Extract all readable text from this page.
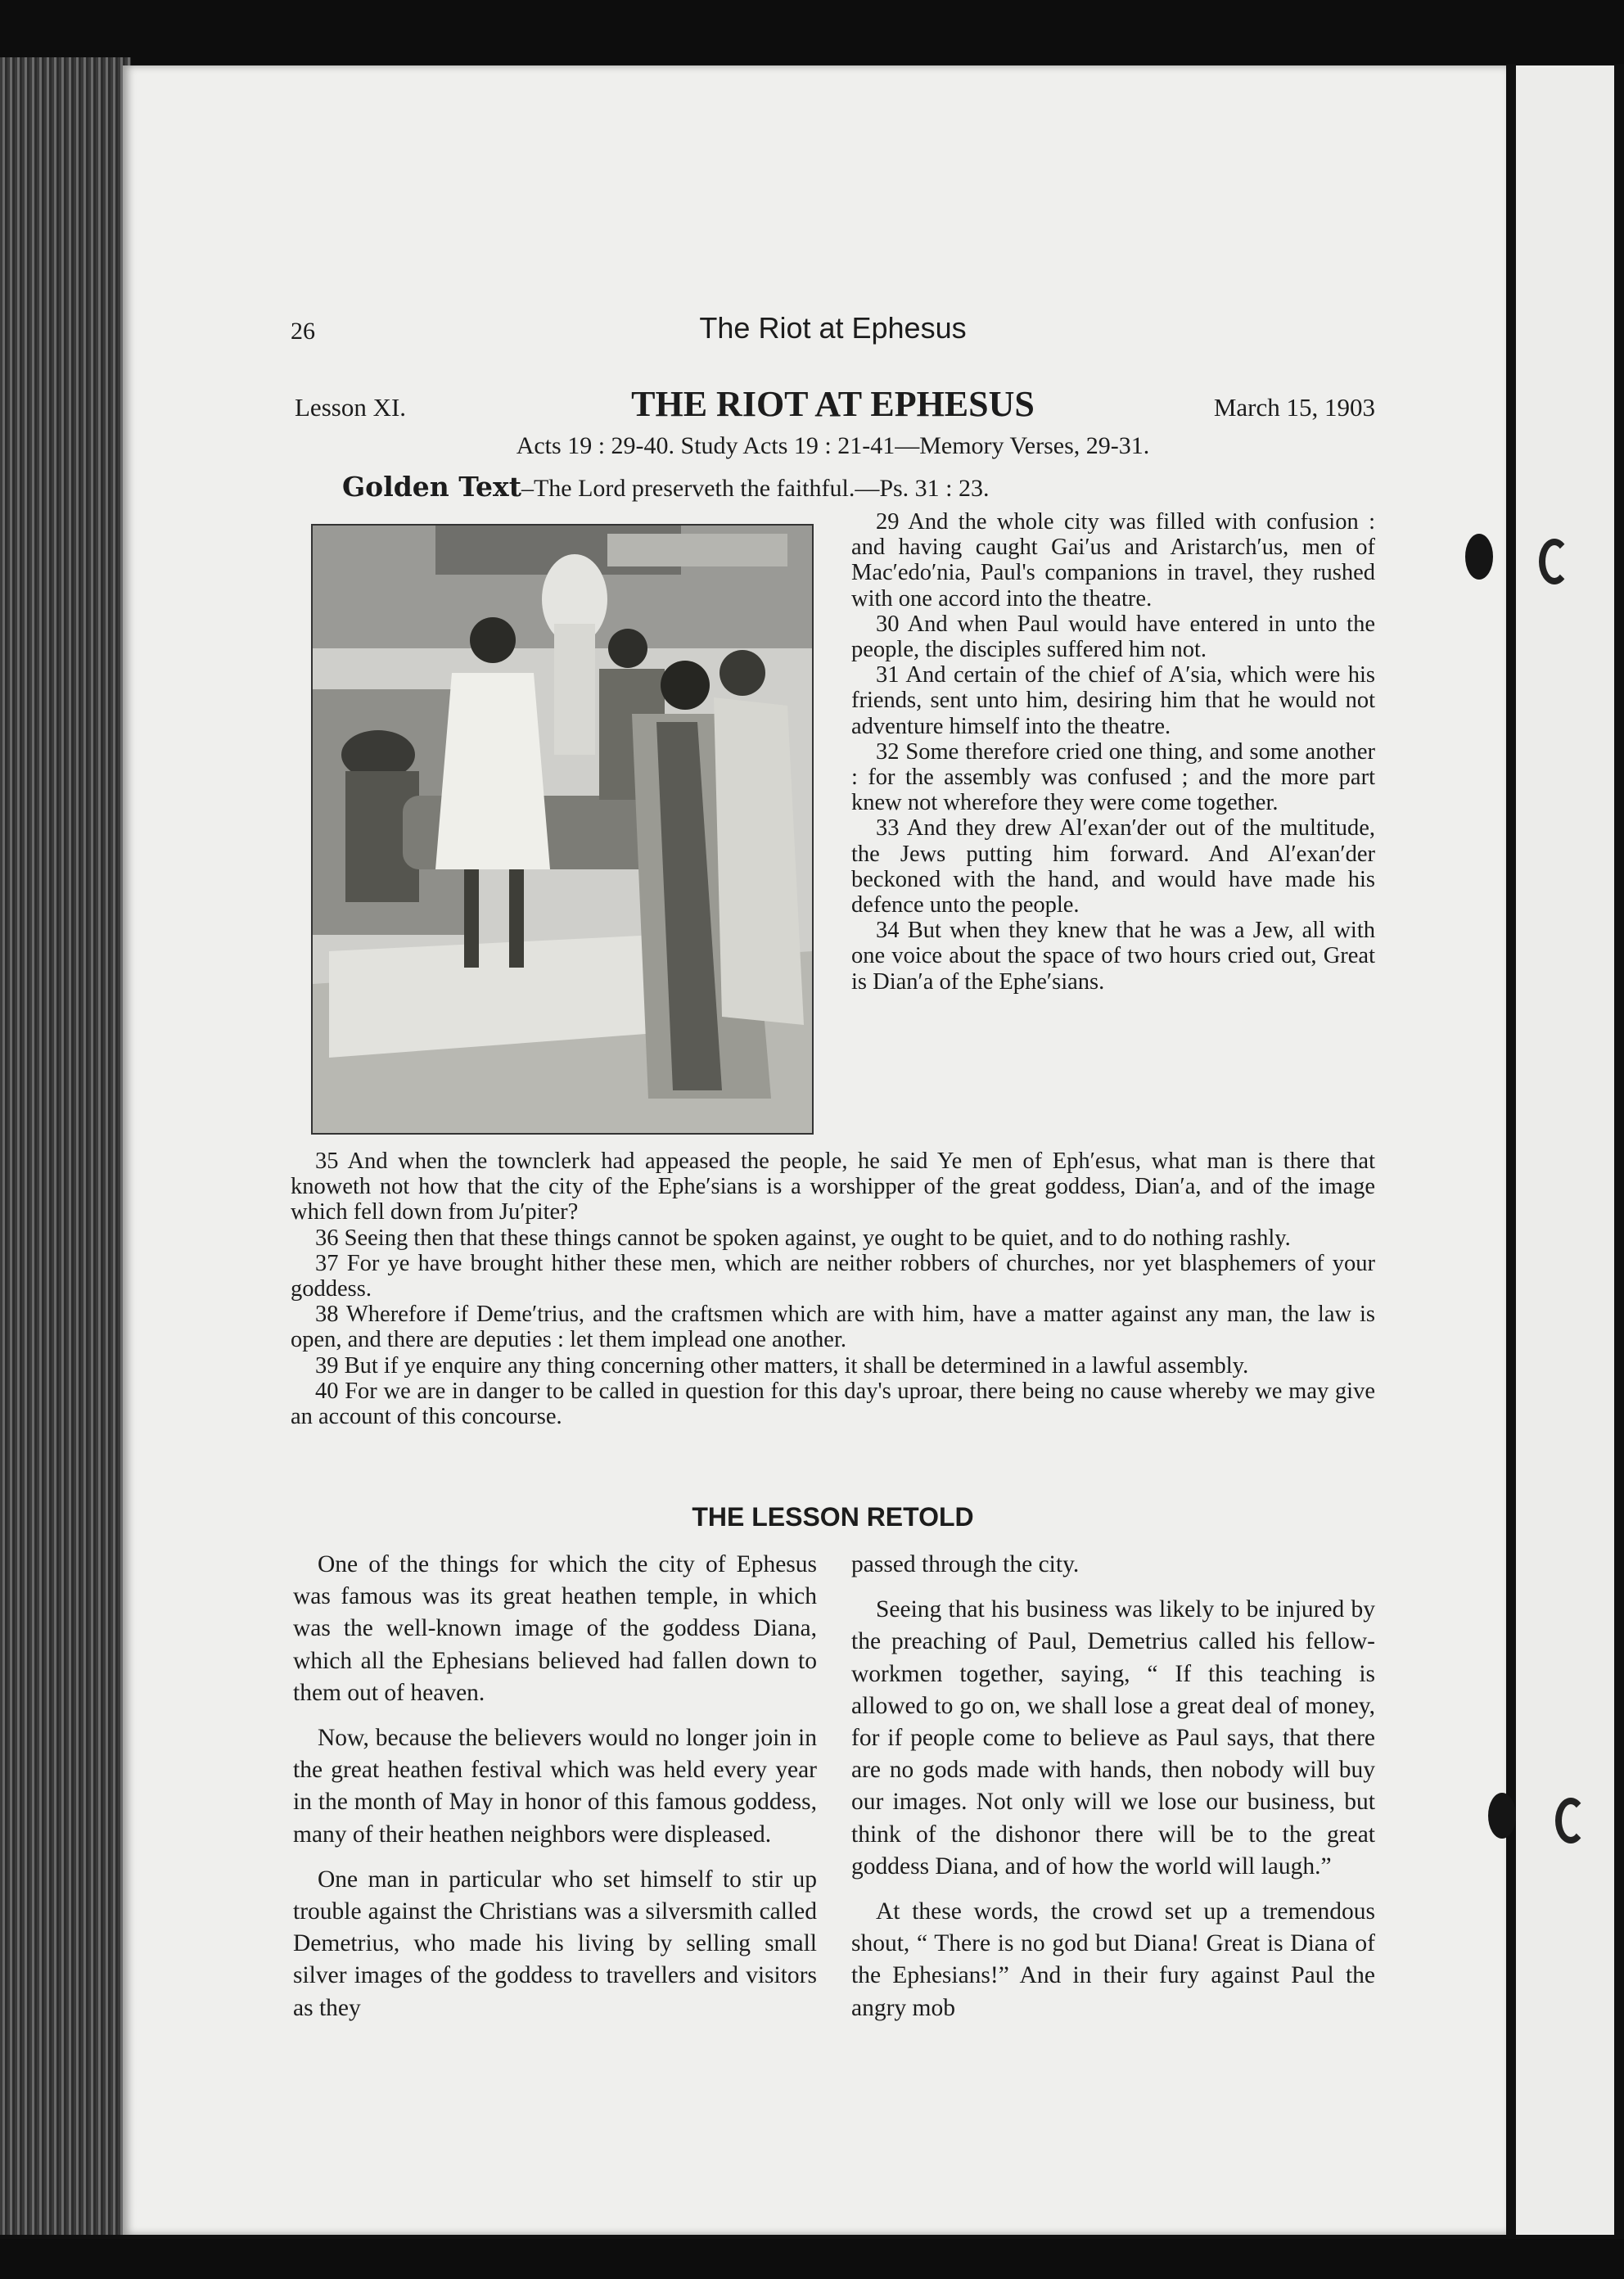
26	The Riot at Ephesus
Lesson XI.	THE RIOT AT EPHESUS	March 15, 1903
Acts 19 : 29-40. Study Acts 19 : 21-41—Memory Verses, 29-31.
Golden Text–The Lord preserveth the faithful.—Ps. 31 : 23.

29 And the whole city was filled with confusion : and having caught Gai′us and Aristarch′us, men of Mac′edo′nia, Paul's companions in travel, they rushed with one accord into the theatre.

30 And when Paul would have entered in unto the people, the disciples suffered him not.

31 And certain of the chief of A′sia, which were his friends, sent unto him, desiring him that he would not adventure himself into the theatre.

32 Some therefore cried one thing, and some another : for the assembly was confused ; and the more part knew not wherefore they were come together.

33 And they drew Al′exan′der out of the multitude, the Jews putting him forward. And Al′exan′der beckoned with the hand, and would have made his defence unto the people.

34 But when they knew that he was a Jew, all with one voice about the space of two hours cried out, Great is Dian′a of the Ephe′sians.

35 And when the townclerk had appeased the people, he said Ye men of Eph′esus, what man is there that knoweth not how that the city of the Ephe′sians is a worshipper of the great goddess, Dian′a, and of the image which fell down from Ju′piter?

36 Seeing then that these things cannot be spoken against, ye ought to be quiet, and to do nothing rashly.

37 For ye have brought hither these men, which are neither robbers of churches, nor yet blasphemers of your goddess.

38 Wherefore if Deme′trius, and the craftsmen which are with him, have a matter against any man, the law is open, and there are deputies : let them implead one another.

39 But if ye enquire any thing concerning other matters, it shall be determined in a lawful assembly.

40 For we are in danger to be called in question for this day's uproar, there being no cause whereby we may give an account of this concourse.

THE LESSON RETOLD

One of the things for which the city of Ephesus was famous was its great heathen temple, in which was the well-known image of the goddess Diana, which all the Ephesians believed had fallen down to them out of heaven.

Now, because the believers would no longer join in the great heathen festival which was held every year in the month of May in honor of this famous goddess, many of their heathen neighbors were displeased.

One man in particular who set himself to stir up trouble against the Christians was a silversmith called Demetrius, who made his living by selling small silver images of the goddess to travellers and visitors as they

passed through the city.

Seeing that his business was likely to be injured by the preaching of Paul, Demetrius called his fellow-workmen together, saying, “ If this teaching is allowed to go on, we shall lose a great deal of money, for if people come to believe as Paul says, that there are no gods made with hands, then nobody will buy our images. Not only will we lose our business, but think of the dishonor there will be to the great goddess Diana, and of how the world will laugh.”

At these words, the crowd set up a tremendous shout, “ There is no god but Diana! Great is Diana of the Ephesians!” And in their fury against Paul the angry mob
